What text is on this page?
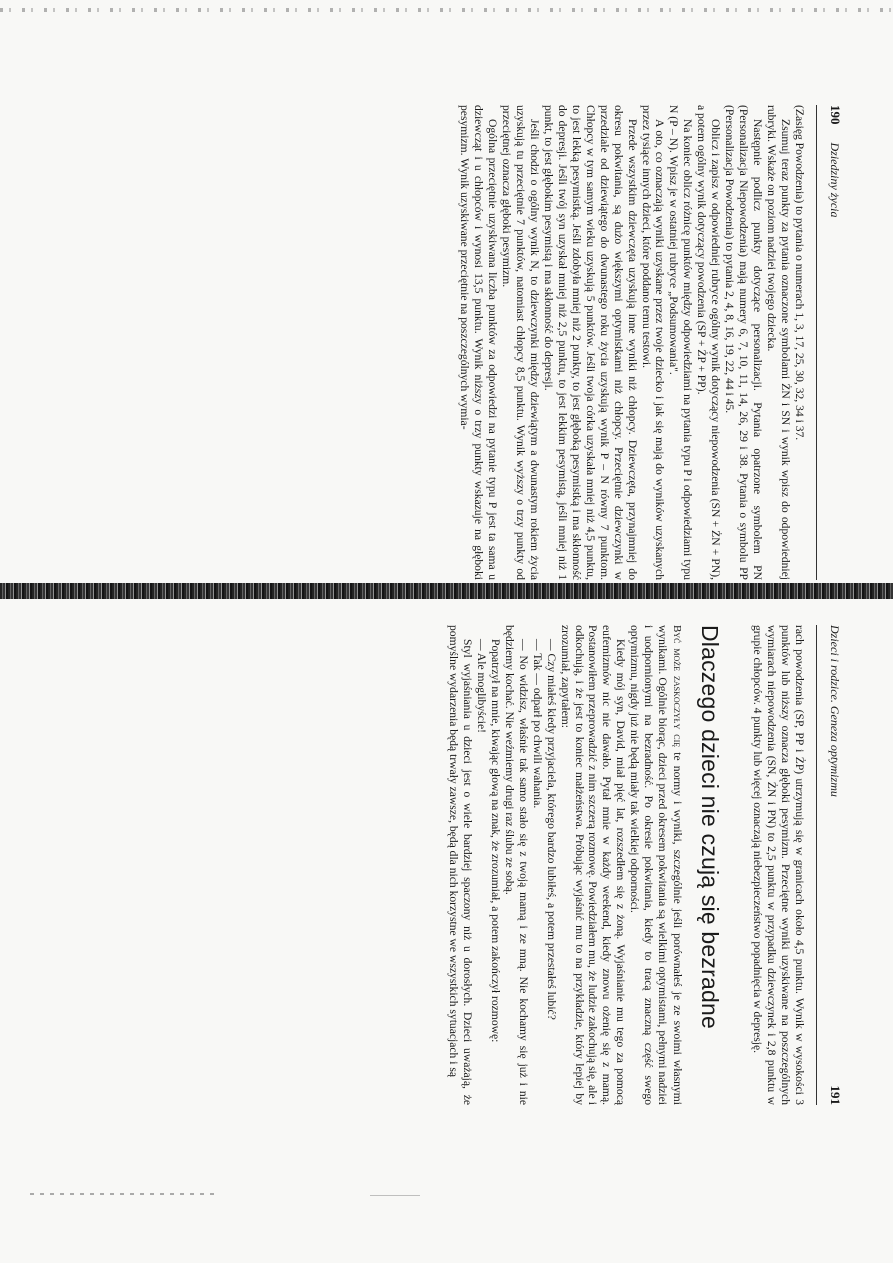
190
Dziedziny życia

(Zasięg Powodzenia) to pytania o numerach 1, 3, 17, 25, 30, 32, 34 i 37.

Zsumuj teraz punkty za pytania oznaczone symbolami ŻN i SN i wynik wpisz do odpowiedniej rubryki. Wskaże on poziom nadziei twojego dziecka.

Następnie podlicz punkty dotyczące personalizacji. Pytania opatrzone symbolem PN (Personalizacja Niepowodzenia) mają numery 6, 7, 10, 11, 14, 26, 29 i 38. Pytania o symbolu PP (Personalizacja Powodzenia) to pytania 2, 4, 8, 16, 19, 22, 44 i 45.

Oblicz i zapisz w odpowiedniej rubryce ogólny wynik dotyczący niepowodzenia (SN + ŻN + PN), a potem ogólny wynik dotyczący powodzenia (SP + ŻP + PP).

Na koniec oblicz różnicę punktów między odpowiedziami na pytania typu P i odpowiedziami typu N (P – N). Wpisz je w ostatniej rubryce „Podsumowania".

A oto, co oznaczają wyniki uzyskane przez twoje dziecko i jak się mają do wyników uzyskanych przez tysiące innych dzieci, które poddano temu testowi.

Przede wszystkim dziewczęta uzyskują inne wyniki niż chłopcy. Dziewczęta, przynajmniej do okresu pokwitania, są dużo większymi optymistkami niż chłopcy. Przeciętnie dziewczynki w przedziale od dziewiątego do dwunastego roku życia uzyskują wynik P – N równy 7 punktom. Chłopcy w tym samym wieku uzyskują 5 punktów. Jeśli twoja córka uzyskała mniej niż 4,5 punktu, to jest lekką pesymistką. Jeśli zdobyła mniej niż 2 punkty, to jest głęboką pesymistką i ma skłonność do depresji. Jeśli twój syn uzyskał mniej niż 2,5 punktu, to jest lekkim pesymistą, jeśli mniej niż 1 punkt, to jest głębokim pesymistą i ma skłonność do depresji.

Jeśli chodzi o ogólny wynik N, to dziewczynki między dziewiątym a dwunastym rokiem życia uzyskują tu przeciętnie 7 punktów, natomiast chłopcy 8,5 punktu. Wynik wyższy o trzy punkty od przeciętnej oznacza głęboki pesymizm.

Ogólna przeciętnie uzyskiwana liczba punktów za odpowiedzi na pytanie typu P jest ta sama u dziewcząt i u chłopców i wynosi 13,5 punktu. Wynik niższy o trzy punkty wskazuje na głęboki pesymizm. Wynik uzyskiwane przeciętnie na poszczególnych wymia-

Dzieci i rodzice. Geneza optymizmu
191

rach powodzenia (SP, PP i ŻP) utrzymują się w granicach około 4,5 punktu. Wynik w wysokości 3 punktów lub niższy oznacza głęboki pesymizm. Przeciętne wyniki uzyskiwane na poszczególnych wymiarach niepowodzenia (SN, ŻN i PN) to 2,5 punktu w przypadku dziewczynek i 2,8 punktu w grupie chłopców. 4 punkty lub więcej oznaczają niebezpieczeństwo popadnięcia w depresję.

Dlaczego dzieci nie czują się bezradne

Być może zaskoczyły cię te normy i wyniki, szczególnie jeśli porównałeś je ze swoimi własnymi wynikami. Ogólnie biorąc, dzieci przed okresem pokwitania są wielkimi optymistami, pełnymi nadziei i uodpornionymi na bezradność. Po okresie pokwitania, kiedy to tracą znaczną część swego optymizmu, nigdy już nie będą miały tak wielkiej odporności.

Kiedy mój syn, David, miał pięć lat, rozszedłem się z żoną. Wyjaśnianie mu tego za pomocą eufemizmów nic nie dawało. Pytał mnie w każdy weekend, kiedy znowu ożenię się z mamą. Postanowiłem przeprowadzić z nim szczerą rozmowę. Powiedziałem mu, że ludzie zakochują się, ale i odkochują, i że jest to koniec małżeństwa. Próbując wyjaśnić mu to na przykładzie, który lepiej by zrozumiał, zapytałem:

— Czy miałeś kiedy przyjaciela, którego bardzo lubiłeś, a potem przestałeś lubić?

— Tak — odparł po chwili wahania.

— No widzisz, właśnie tak samo stało się z twoją mamą i ze mną. Nie kochamy się już i nie będziemy kochać. Nie weźmiemy drugi raz ślubu ze sobą.

Popatrzył na mnie, kiwając głową na znak, że zrozumiał, a potem zakończył rozmowę:

— Ale moglibyście!

Styl wyjaśniania u dzieci jest o wiele bardziej spaczony niż u dorosłych. Dzieci uważają, że pomyślne wydarzenia będą trwały zawsze, będą dla nich korzystne we wszystkich sytuacjach i są
